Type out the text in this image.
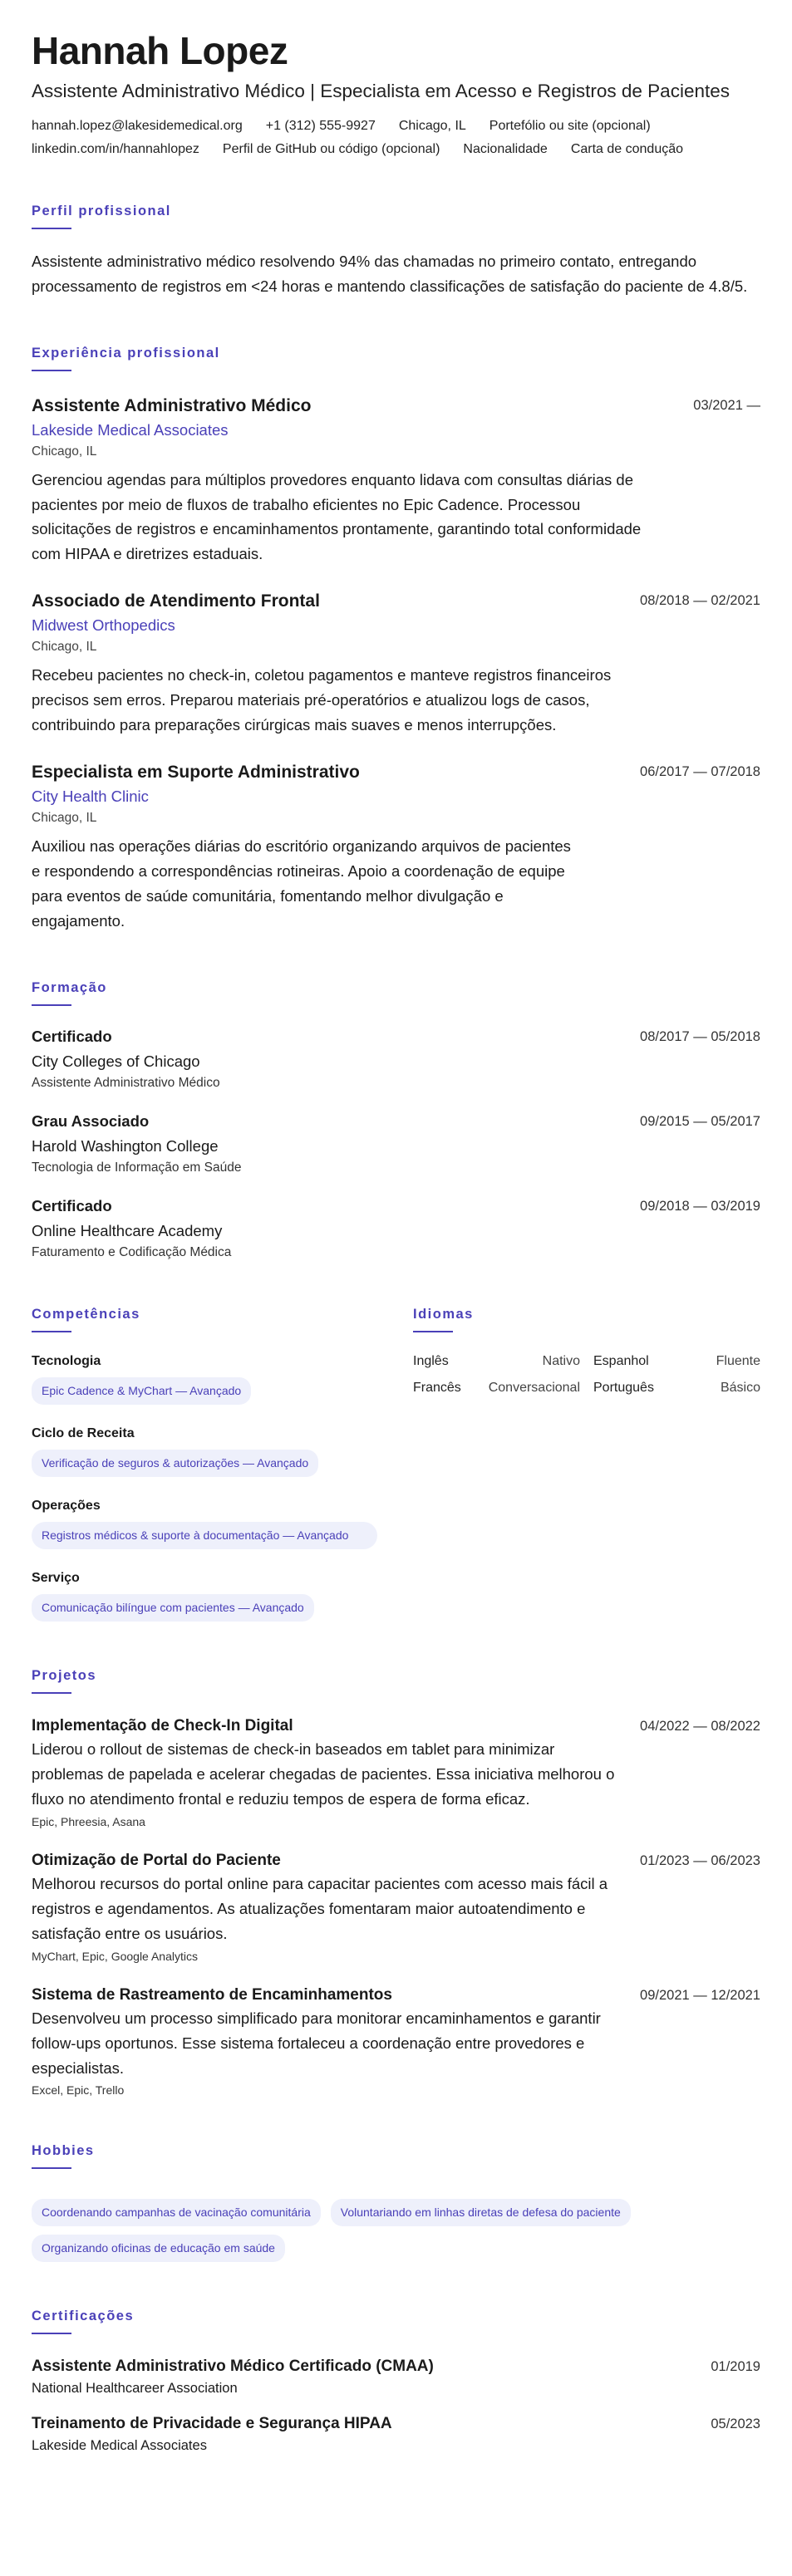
Hannah Lopez
Assistente Administrativo Médico | Especialista em Acesso e Registros de Pacientes
hannah.lopez@lakesidemedical.org +1 (312) 555-9927 Chicago, IL Portefólio ou site (opcional)
linkedin.com/in/hannahlopez Perfil de GitHub ou código (opcional) Nacionalidade Carta de condução
Perfil profissional

Assistente administrativo médico resolvendo 94% das chamadas no primeiro contato, entregando processamento de registros em <24 horas e mantendo classificações de satisfação do paciente de 4.8/5.

Experiência profissional
Assistente Administrativo Médico
Lakeside Medical Associates
Chicago, IL

Gerenciou agendas para múltiplos provedores enquanto lidava com consultas diárias de pacientes por meio de fluxos de trabalho eficientes no Epic Cadence. Processou solicitações de registros e encaminhamentos prontamente, garantindo total conformidade com HIPAA e diretrizes estaduais.

03/2021 —
Associado de Atendimento Frontal
Midwest Orthopedics
Chicago, IL

Recebeu pacientes no check-in, coletou pagamentos e manteve registros financeiros precisos sem erros. Preparou materiais pré-operatórios e atualizou logs de casos, contribuindo para preparações cirúrgicas mais suaves e menos interrupções.

08/2018 — 02/2021
Especialista em Suporte Administrativo
City Health Clinic
Chicago, IL

Auxiliou nas operações diárias do escritório organizando arquivos de pacientes e respondendo a correspondências rotineiras. Apoio a coordenação de equipe para eventos de saúde comunitária, fomentando melhor divulgação e engajamento.

06/2017 — 07/2018
Formação
Certificado
City Colleges of Chicago
Assistente Administrativo Médico
08/2017 — 05/2018
Grau Associado
Harold Washington College
Tecnologia de Informação em Saúde
09/2015 — 05/2017
Certificado
Online Healthcare Academy
Faturamento e Codificação Médica
09/2018 — 03/2019
Competências
Tecnologia
Epic Cadence & MyChart — Avançado
Ciclo de Receita
Verificação de seguros & autorizações — Avançado
Operações
Registros médicos & suporte à documentação — Avançado
Serviço
Comunicação bilíngue com pacientes — Avançado
Idiomas
Inglês	Nativo Espanhol	Fluente
Francês Conversacional Português	Básico
Projetos
Implementação de Check-In Digital

Liderou o rollout de sistemas de check-in baseados em tablet para minimizar problemas de papelada e acelerar chegadas de pacientes. Essa iniciativa melhorou o fluxo no atendimento frontal e reduziu tempos de espera de forma eficaz.

Epic, Phreesia, Asana
04/2022 — 08/2022
Otimização de Portal do Paciente

Melhorou recursos do portal online para capacitar pacientes com acesso mais fácil a registros e agendamentos. As atualizações fomentaram maior autoatendimento e satisfação entre os usuários.

MyChart, Epic, Google Analytics
01/2023 — 06/2023
Sistema de Rastreamento de Encaminhamentos

Desenvolveu um processo simplificado para monitorar encaminhamentos e garantir follow-ups oportunos. Esse sistema fortaleceu a coordenação entre provedores e especialistas.

Excel, Epic, Trello
09/2021 — 12/2021
Hobbies
Coordenando campanhas de vacinação comunitária	Voluntariando em linhas diretas de defesa do paciente
Organizando oficinas de educação em saúde
Certificações
Assistente Administrativo Médico Certificado (CMAA)
National Healthcareer Association
01/2019
Treinamento de Privacidade e Segurança HIPAA
Lakeside Medical Associates
05/2023
